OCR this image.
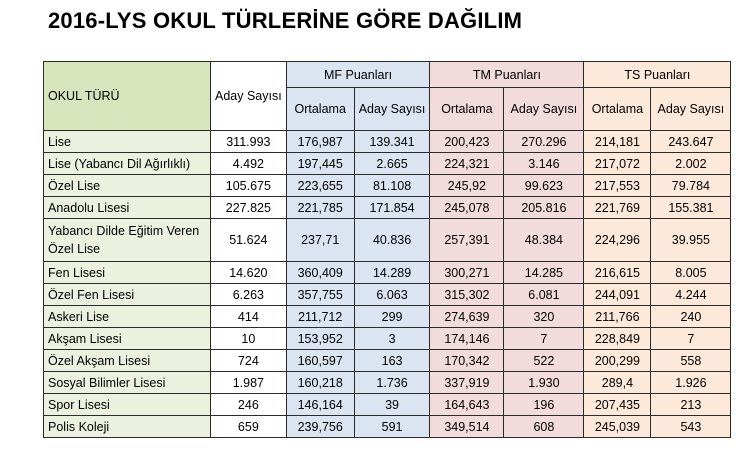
2016-LYS OKUL TÜRLERİNE GÖRE DAĞILIM
OKUL TÜRÜ	Aday Sayısı	MF Puanları		TM Puanları		TS Puanları	
		Ortalama	Aday Sayısı	Ortalama	Aday Sayısı	Ortalama	Aday Sayısı
Lise	311.993	176,987	139.341	200,423	270.296	214,181	243.647
Lise (Yabancı Dil Ağırlıklı)	4.492	197,445	2.665	224,321	3.146	217,072	2.002
Özel Lise	105.675	223,655	81.108	245,92	99.623	217,553	79.784
Anadolu Lisesi	227.825	221,785	171.854	245,078	205.816	221,769	155.381
Yabancı Dilde Eğitim Veren Özel Lise	51.624	237,71	40.836	257,391	48.384	224,296	39.955
Fen Lisesi	14.620	360,409	14.289	300,271	14.285	216,615	8.005
Özel Fen Lisesi	6.263	357,755	6.063	315,302	6.081	244,091	4.244
Askeri Lise	414	211,712	299	274,639	320	211,766	240
Akşam Lisesi	10	153,952	3	174,146	7	228,849	7
Özel Akşam Lisesi	724	160,597	163	170,342	522	200,299	558
Sosyal Bilimler Lisesi	1.987	160,218	1.736	337,919	1.930	289,4	1.926
Spor Lisesi	246	146,164	39	164,643	196	207,435	213
Polis Koleji	659	239,756	591	349,514	608	245,039	543
